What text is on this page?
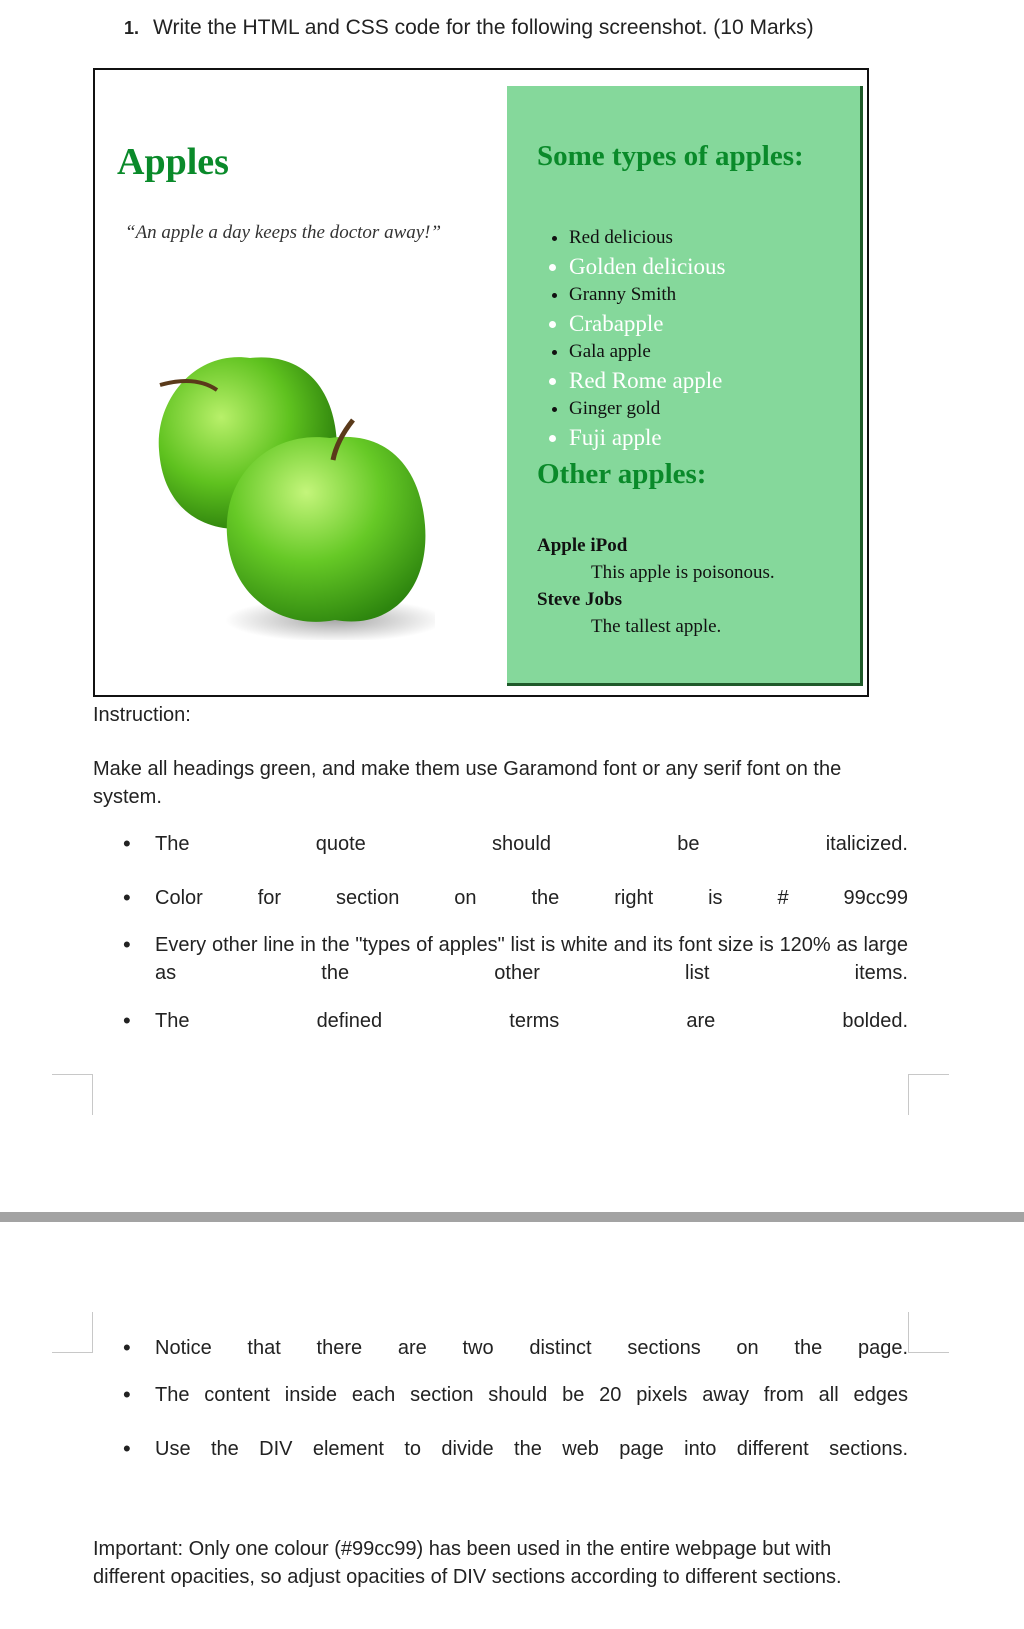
1. Write the HTML and CSS code for the following screenshot. (10 Marks)
Apples

“An apple a day keeps the doctor away!”

Some types of apples:
• Red delicious
• Golden delicious
• Granny Smith
• Crabapple
• Gala apple
• Red Rome apple
• Ginger gold
• Fuji apple
Other apples:
Apple iPod
This apple is poisonous.
Steve Jobs
The tallest apple.

Instruction:

Make all headings green, and make them use Garamond font or any serif font on the system.

• The quote should be italicized.
• Color for section on the right is # 99cc99
• Every other line in the "types of apples" list is white and its font size is 120% as large as the other list items.
• The defined terms are bolded.
• Notice that there are two distinct sections on the page.
• The content inside each section should be 20 pixels away from all edges
• Use the DIV element to divide the web page into different sections.

Important: Only one colour (#99cc99) has been used in the entire webpage but with different opacities, so adjust opacities of DIV sections according to different sections.
